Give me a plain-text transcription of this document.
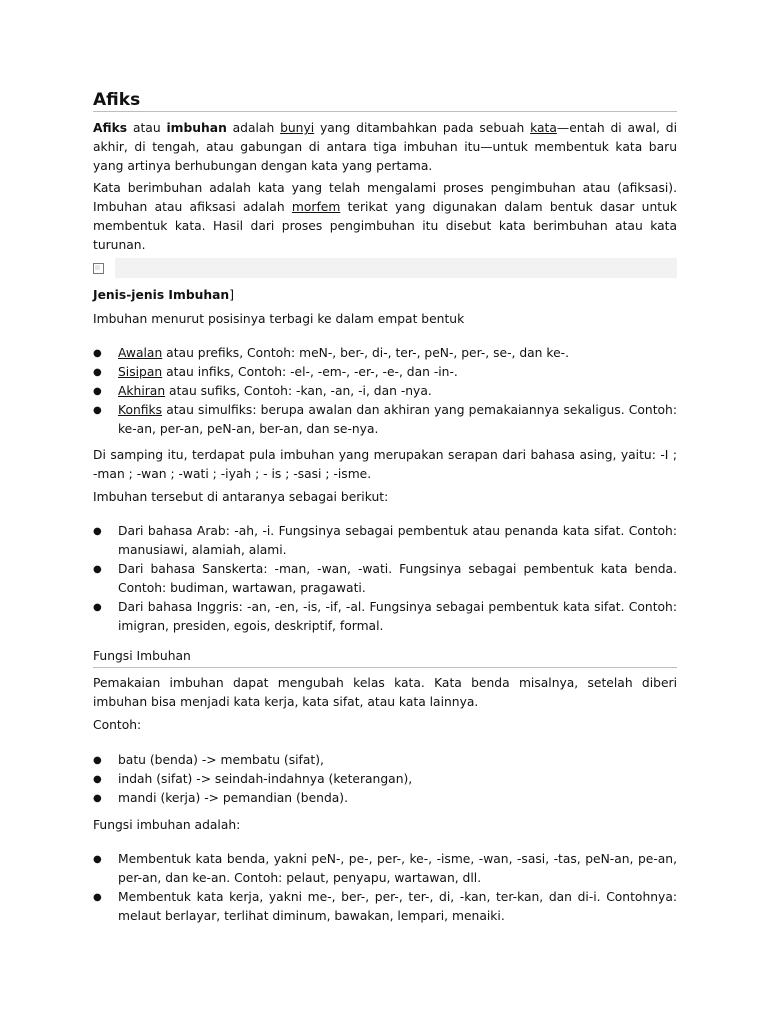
Afiks

Afiks atau imbuhan adalah bunyi yang ditambahkan pada sebuah kata—entah di awal, di akhir, di tengah, atau gabungan di antara tiga imbuhan itu—untuk membentuk kata baru yang artinya berhubungan dengan kata yang pertama.

Kata berimbuhan adalah kata yang telah mengalami proses pengimbuhan atau (afiksasi). Imbuhan atau afiksasi adalah morfem terikat yang digunakan dalam bentuk dasar untuk membentuk kata. Hasil dari proses pengimbuhan itu disebut kata berimbuhan atau kata turunan.

Jenis-jenis Imbuhan]

Imbuhan menurut posisinya terbagi ke dalam empat bentuk

● Awalan atau prefiks, Contoh: meN-, ber-, di-, ter-, peN-, per-, se-, dan ke-.
● Sisipan atau infiks, Contoh: -el-, -em-, -er-, -e-, dan -in-.
● Akhiran atau sufiks, Contoh: -kan, -an, -i, dan -nya.
● Konfiks atau simulfiks: berupa awalan dan akhiran yang pemakaiannya sekaligus. Contoh: ke-an, per-an, peN-an, ber-an, dan se-nya.

Di samping itu, terdapat pula imbuhan yang merupakan serapan dari bahasa asing, yaitu: -I ; -man ; -wan ; -wati ; -iyah ; - is ; -sasi ; -isme.

Imbuhan tersebut di antaranya sebagai berikut:

● Dari bahasa Arab: -ah, -i. Fungsinya sebagai pembentuk atau penanda kata sifat. Contoh: manusiawi, alamiah, alami.
● Dari bahasa Sanskerta: -man, -wan, -wati. Fungsinya sebagai pembentuk kata benda. Contoh: budiman, wartawan, pragawati.
● Dari bahasa Inggris: -an, -en, -is, -if, -al. Fungsinya sebagai pembentuk kata sifat. Contoh: imigran, presiden, egois, deskriptif, formal.

Fungsi Imbuhan

Pemakaian imbuhan dapat mengubah kelas kata. Kata benda misalnya, setelah diberi imbuhan bisa menjadi kata kerja, kata sifat, atau kata lainnya.

Contoh:

● batu (benda) -> membatu (sifat),
● indah (sifat) -> seindah-indahnya (keterangan),
● mandi (kerja) -> pemandian (benda).

Fungsi imbuhan adalah:

● Membentuk kata benda, yakni peN-, pe-, per-, ke-, -isme, -wan, -sasi, -tas, peN-an, pe-an, per-an, dan ke-an. Contoh: pelaut, penyapu, wartawan, dll.
● Membentuk kata kerja, yakni me-, ber-, per-, ter-, di, -kan, ter-kan, dan di-i. Contohnya: melaut berlayar, terlihat diminum, bawakan, lempari, menaiki.
